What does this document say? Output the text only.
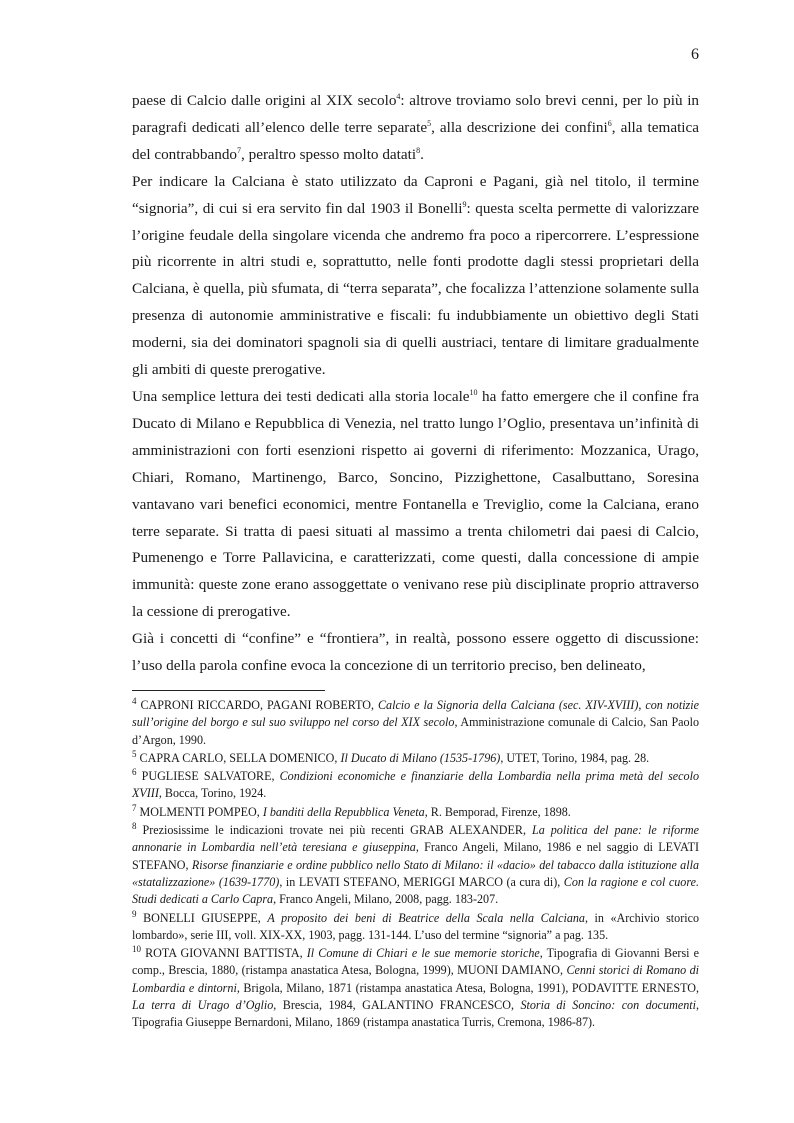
6

paese di Calcio dalle origini al XIX secolo$^4$: altrove troviamo solo brevi cenni, per lo più in paragrafi dedicati all’elenco delle terre separate$^5$, alla descrizione dei confini$^6$, alla tematica del contrabbando$^7$, peraltro spesso molto datati$^8$.

Per indicare la Calciana è stato utilizzato da Caproni e Pagani, già nel titolo, il termine “signoria”, di cui si era servito fin dal 1903 il Bonelli$^9$: questa scelta permette di valorizzare l’origine feudale della singolare vicenda che andremo fra poco a ripercorrere. L’espressione più ricorrente in altri studi e, soprattutto, nelle fonti prodotte dagli stessi proprietari della Calciana, è quella, più sfumata, di “terra separata”, che focalizza l’attenzione solamente sulla presenza di autonomie amministrative e fiscali: fu indubbiamente un obiettivo degli Stati moderni, sia dei dominatori spagnoli sia di quelli austriaci, tentare di limitare gradualmente gli ambiti di queste prerogative.

Una semplice lettura dei testi dedicati alla storia locale$^{10}$ ha fatto emergere che il confine fra Ducato di Milano e Repubblica di Venezia, nel tratto lungo l’Oglio, presentava un’infinità di amministrazioni con forti esenzioni rispetto ai governi di riferimento: Mozzanica, Urago, Chiari, Romano, Martinengo, Barco, Soncino, Pizzighettone, Casalbuttano, Soresina vantavano vari benefici economici, mentre Fontanella e Treviglio, come la Calciana, erano terre separate. Si tratta di paesi situati al massimo a trenta chilometri dai paesi di Calcio, Pumenengo e Torre Pallavicina, e caratterizzati, come questi, dalla concessione di ampie immunità: queste zone erano assoggettate o venivano rese più disciplinate proprio attraverso la cessione di prerogative.

Già i concetti di “confine” e “frontiera”, in realtà, possono essere oggetto di discussione: l’uso della parola confine evoca la concezione di un territorio preciso, ben delineato,

$^4$ CAPRONI RICCARDO, PAGANI ROBERTO, Calcio e la Signoria della Calciana (sec. XIV-XVIII), con notizie sull’origine del borgo e sul suo sviluppo nel corso del XIX secolo, Amministrazione comunale di Calcio, San Paolo d’Argon, 1990.
$^5$ CAPRA CARLO, SELLA DOMENICO, Il Ducato di Milano (1535-1796), UTET, Torino, 1984, pag. 28.
$^6$ PUGLIESE SALVATORE, Condizioni economiche e finanziarie della Lombardia nella prima metà del secolo XVIII, Bocca, Torino, 1924.
$^7$ MOLMENTI POMPEO, I banditi della Repubblica Veneta, R. Bemporad, Firenze, 1898.
$^8$ Preziosissime le indicazioni trovate nei più recenti GRAB ALEXANDER, La politica del pane: le riforme annonarie in Lombardia nell’età teresiana e giuseppina, Franco Angeli, Milano, 1986 e nel saggio di LEVATI STEFANO, Risorse finanziarie e ordine pubblico nello Stato di Milano: il «dacio» del tabacco dalla istituzione alla «statalizzazione» (1639-1770), in LEVATI STEFANO, MERIGGI MARCO (a cura di), Con la ragione e col cuore. Studi dedicati a Carlo Capra, Franco Angeli, Milano, 2008, pagg. 183-207.
$^9$ BONELLI GIUSEPPE, A proposito dei beni di Beatrice della Scala nella Calciana, in «Archivio storico lombardo», serie III, voll. XIX-XX, 1903, pagg. 131-144. L’uso del termine “signoria” a pag. 135.
$^{10}$ ROTA GIOVANNI BATTISTA, Il Comune di Chiari e le sue memorie storiche, Tipografia di Giovanni Bersi e comp., Brescia, 1880, (ristampa anastatica Atesa, Bologna, 1999), MUONI DAMIANO, Cenni storici di Romano di Lombardia e dintorni, Brigola, Milano, 1871 (ristampa anastatica Atesa, Bologna, 1991), PODAVITTE ERNESTO, La terra di Urago d’Oglio, Brescia, 1984, GALANTINO FRANCESCO, Storia di Soncino: con documenti, Tipografia Giuseppe Bernardoni, Milano, 1869 (ristampa anastatica Turris, Cremona, 1986-87).
